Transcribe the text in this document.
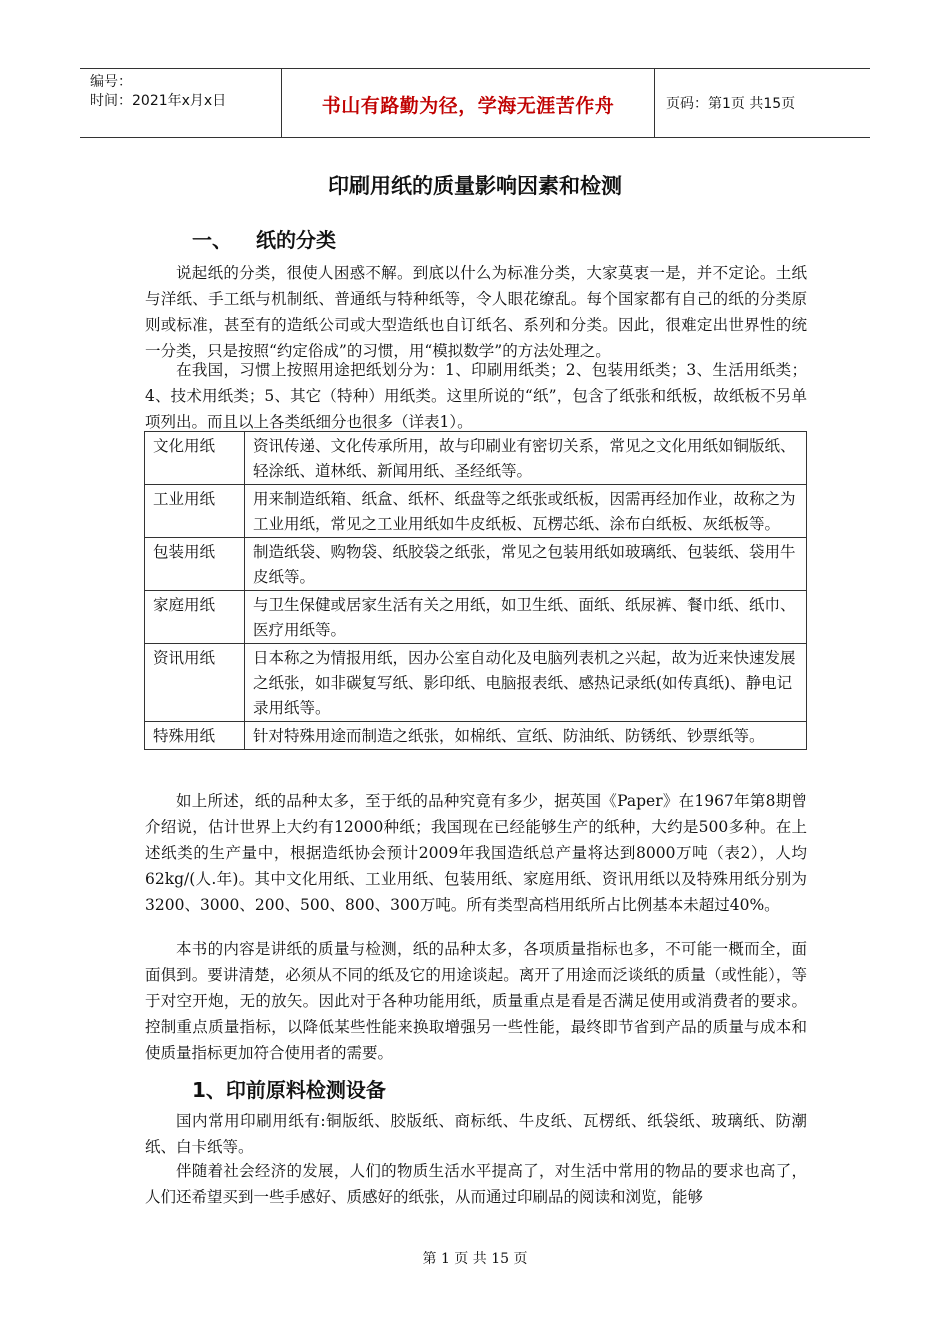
编号：
时间：2021年x月x日	书山有路勤为径，学海无涯苦作舟	页码：第1页 共15页
印刷用纸的质量影响因素和检测
一、 纸的分类

说起纸的分类，很使人困惑不解。到底以什么为标准分类，大家莫衷一是，并不定论。土纸与洋纸、手工纸与机制纸、普通纸与特种纸等，令人眼花缭乱。每个国家都有自己的纸的分类原则或标准，甚至有的造纸公司或大型造纸也自订纸名、系列和分类。因此，很难定出世界性的统一分类，只是按照“约定俗成”的习惯，用“模拟数学”的方法处理之。

在我国，习惯上按照用途把纸划分为：1、印刷用纸类；2、包装用纸类；3、生活用纸类；4、技术用纸类；5、其它（特种）用纸类。这里所说的“纸”，包含了纸张和纸板，故纸板不另单项列出。而且以上各类纸细分也很多（详表1）。

文化用纸	资讯传递、文化传承所用，故与印刷业有密切关系，常见之文化用纸如铜版纸、轻涂纸、道林纸、新闻用纸、圣经纸等。
工业用纸	用来制造纸箱、纸盒、纸杯、纸盘等之纸张或纸板，因需再经加作业，故称之为工业用纸，常见之工业用纸如牛皮纸板、瓦楞芯纸、涂布白纸板、灰纸板等。
包装用纸	制造纸袋、购物袋、纸胶袋之纸张，常见之包装用纸如玻璃纸、包装纸、袋用牛皮纸等。
家庭用纸	与卫生保健或居家生活有关之用纸，如卫生纸、面纸、纸尿裤、餐巾纸、纸巾、医疗用纸等。
资讯用纸	日本称之为情报用纸，因办公室自动化及电脑列表机之兴起，故为近来快速发展之纸张，如非碳复写纸、影印纸、电脑报表纸、感热记录纸(如传真纸)、静电记录用纸等。
特殊用纸	针对特殊用途而制造之纸张，如棉纸、宣纸、防油纸、防锈纸、钞票纸等。

如上所述，纸的品种太多，至于纸的品种究竟有多少，据英国《Paper》在1967年第8期曾介绍说，估计世界上大约有12000种纸；我国现在已经能够生产的纸种，大约是500多种。在上述纸类的生产量中，根据造纸协会预计2009年我国造纸总产量将达到8000万吨（表2），人均62kg/(人.年)。其中文化用纸、工业用纸、包装用纸、家庭用纸、资讯用纸以及特殊用纸分别为3200、3000、200、500、800、300万吨。所有类型高档用纸所占比例基本未超过40%。

本书的内容是讲纸的质量与检测，纸的品种太多，各项质量指标也多，不可能一概而全，面面俱到。要讲清楚，必须从不同的纸及它的用途谈起。离开了用途而泛谈纸的质量（或性能），等于对空开炮，无的放矢。因此对于各种功能用纸，质量重点是看是否满足使用或消费者的要求。控制重点质量指标，以降低某些性能来换取增强另一些性能，最终即节省到产品的质量与成本和使质量指标更加符合使用者的需要。

1、印前原料检测设备

国内常用印刷用纸有:铜版纸、胶版纸、商标纸、牛皮纸、瓦楞纸、纸袋纸、玻璃纸、防潮纸、白卡纸等。

伴随着社会经济的发展，人们的物质生活水平提高了，对生活中常用的物品的要求也高了，人们还希望买到一些手感好、质感好的纸张，从而通过印刷品的阅读和浏览，能够

第 1 页 共 15 页
